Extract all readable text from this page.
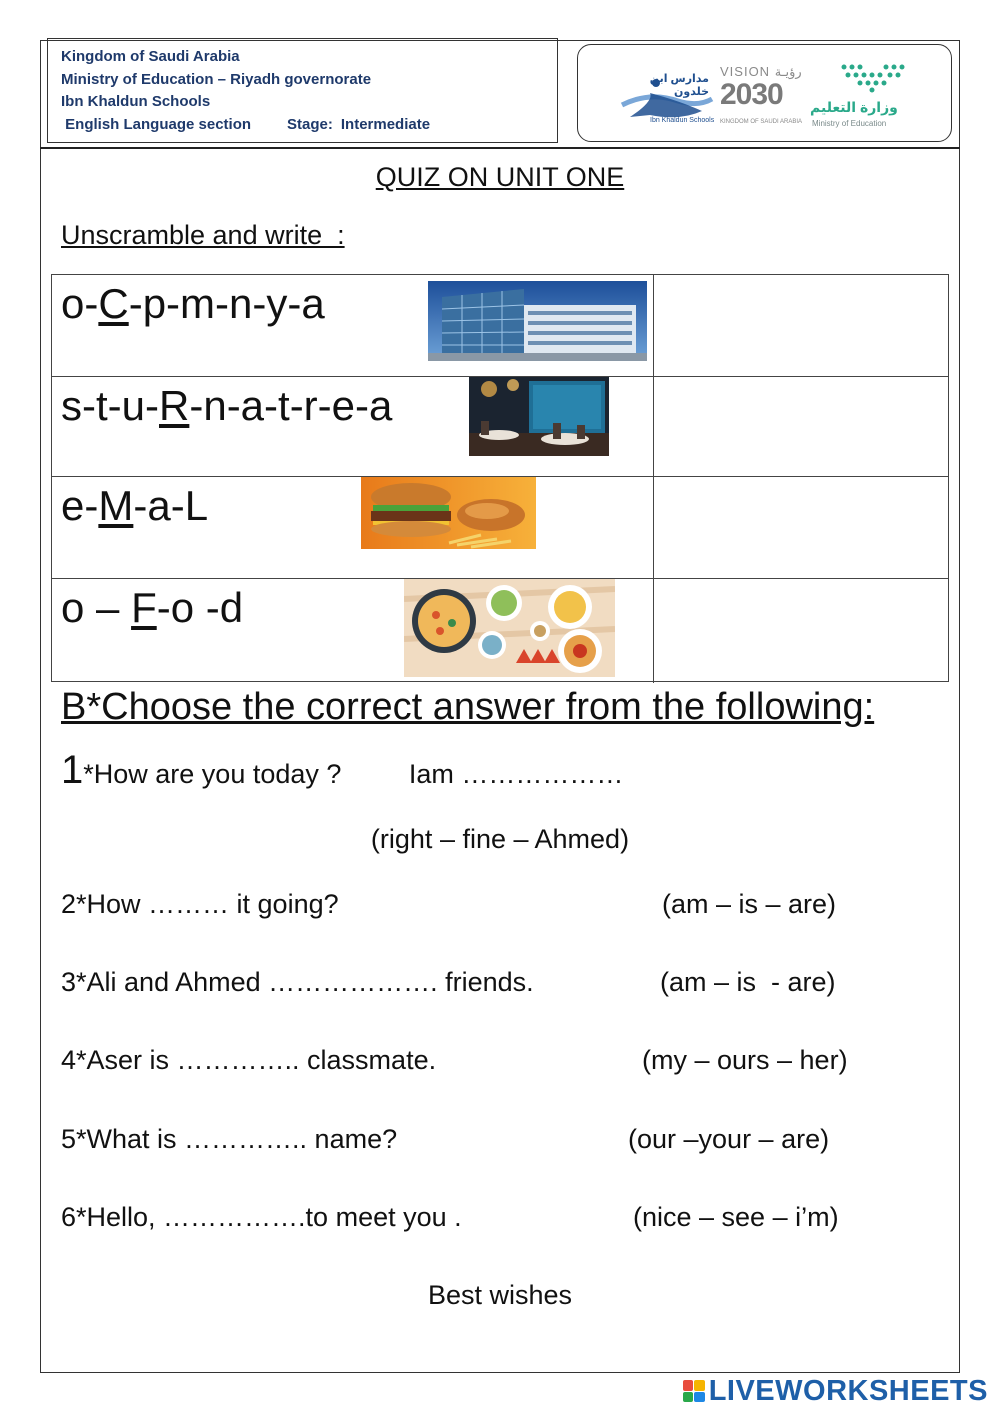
Kingdom of Saudi Arabia
Ministry of Education – Riyadh governorate
Ibn Khaldun Schools
English Language section Stage: Intermediate
مدارس ابن خلدون
Ibn Khaldun Schools
VISION رؤيـة
2030
KINGDOM OF SAUDI ARABIA
وزارة التعليم
Ministry of Education
QUIZ ON UNIT ONE
Unscramble and write  :
o-C-p-m-n-y-a
s-t-u-R-n-a-t-r-e-a
e-M-a-L
o – F-o -d
B*Choose the correct answer from the following:
1*How are you today ?         Iam ………………
(right – fine – Ahmed)
2*How ……… it going?	(am – is – are)
3*Ali and Ahmed ………………. friends.	(am – is  - are)
4*Aser is ………….. classmate.	(my – ours – her)
5*What is ………….. name?	(our –your – are)
6*Hello, …………….to meet you .	(nice – see – i’m)
Best wishes
LIVEWORKSHEETS
